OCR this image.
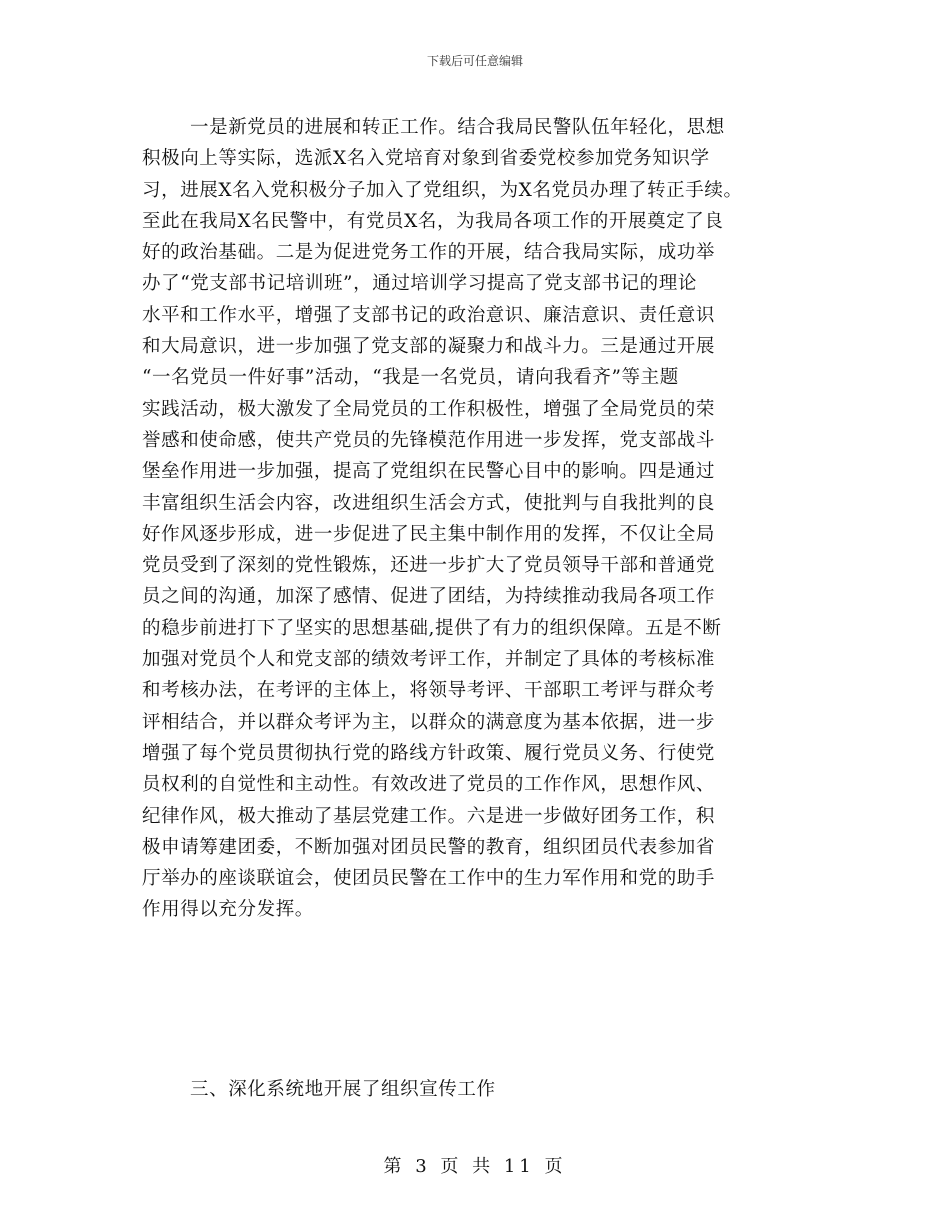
下载后可任意编辑
一是新党员的进展和转正工作。结合我局民警队伍年轻化，思想
积极向上等实际，选派X名入党培育对象到省委党校参加党务知识学
习，进展X名入党积极分子加入了党组织，为X名党员办理了转正手续。
至此在我局X名民警中，有党员X名，为我局各项工作的开展奠定了良
好的政治基础。二是为促进党务工作的开展，结合我局实际，成功举
办了“党支部书记培训班”，通过培训学习提高了党支部书记的理论
水平和工作水平，增强了支部书记的政治意识、廉洁意识、责任意识
和大局意识，进一步加强了党支部的凝聚力和战斗力。三是通过开展
“一名党员一件好事”活动，“我是一名党员，请向我看齐”等主题
实践活动，极大激发了全局党员的工作积极性，增强了全局党员的荣
誉感和使命感，使共产党员的先锋模范作用进一步发挥，党支部战斗
堡垒作用进一步加强，提高了党组织在民警心目中的影响。四是通过
丰富组织生活会内容，改进组织生活会方式，使批判与自我批判的良
好作风逐步形成，进一步促进了民主集中制作用的发挥，不仅让全局
党员受到了深刻的党性锻炼，还进一步扩大了党员领导干部和普通党
员之间的沟通，加深了感情、促进了团结，为持续推动我局各项工作
的稳步前进打下了坚实的思想基础,提供了有力的组织保障。五是不断
加强对党员个人和党支部的绩效考评工作，并制定了具体的考核标准
和考核办法，在考评的主体上，将领导考评、干部职工考评与群众考
评相结合，并以群众考评为主，以群众的满意度为基本依据，进一步
增强了每个党员贯彻执行党的路线方针政策、履行党员义务、行使党
员权利的自觉性和主动性。有效改进了党员的工作作风，思想作风、
纪律作风，极大推动了基层党建工作。六是进一步做好团务工作，积
极申请筹建团委，不断加强对团员民警的教育，组织团员代表参加省
厅举办的座谈联谊会，使团员民警在工作中的生力军作用和党的助手
作用得以充分发挥。
三、深化系统地开展了组织宣传工作
第 3 页 共 11 页
